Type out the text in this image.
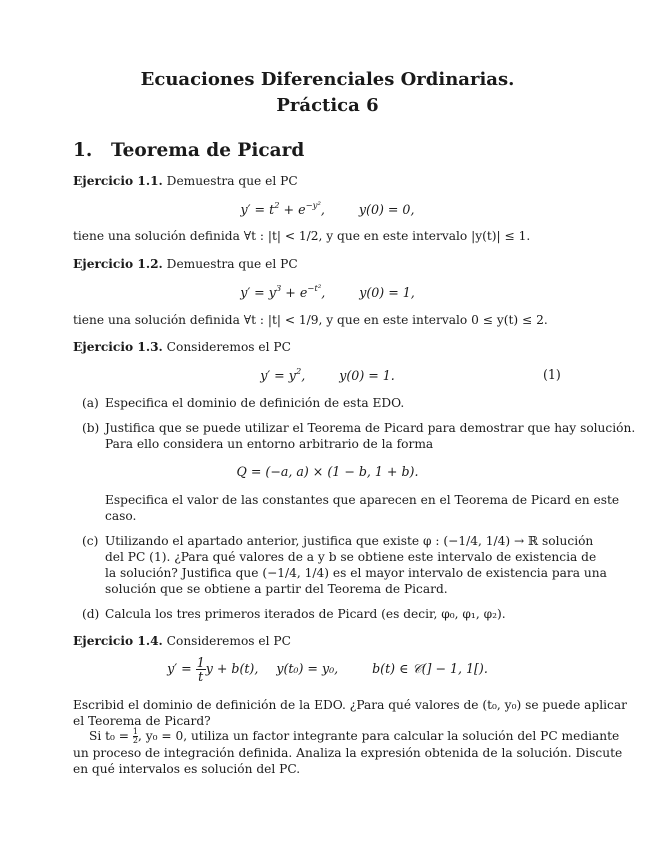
Ecuaciones Diferenciales Ordinarias.
Práctica 6
1. Teorema de Picard
Ejercicio 1.1. Demuestra que el PC
$y' = t^2 + e^{-y^2}$,	y(0) = 0,
tiene una solución definida ∀t : |t| < 1/2, y que en este intervalo |y(t)| ≤ 1.
Ejercicio 1.2. Demuestra que el PC
$y' = y^3 + e^{-t^2}$,	y(0) = 1,
tiene una solución definida ∀t : |t| < 1/9, y que en este intervalo 0 ≤ y(t) ≤ 2.
Ejercicio 1.3. Consideremos el PC
$y' = y^2$,	y(0) = 1.	(1)
(a) Especifica el dominio de definición de esta EDO.
(b) Justifica que se puede utilizar el Teorema de Picard para demostrar que hay solución.
Para ello considera un entorno arbitrario de la forma
Q = (−a, a) × (1 − b, 1 + b).
Especifica el valor de las constantes que aparecen en el Teorema de Picard en este
caso.
(c) Utilizando el apartado anterior, justifica que existe φ : (−1/4, 1/4) → ℝ solución
del PC (1). ¿Para qué valores de a y b se obtiene este intervalo de existencia de
la solución? Justifica que (−1/4, 1/4) es el mayor intervalo de existencia para una
solución que se obtiene a partir del Teorema de Picard.
(d) Calcula los tres primeros iterados de Picard (es decir, φ₀, φ₁, φ₂).
Ejercicio 1.4. Consideremos el PC
$y' = \frac{1}{t}$ y + b(t), y(t₀) = y₀,	b(t) ∈ 𝒞(] − 1, 1[).
Escribid el dominio de definición de la EDO. ¿Para qué valores de (t₀, y₀) se puede aplicar
el Teorema de Picard?
Si $t_0 = \frac{1}{2}$ , y₀ = 0, utiliza un factor integrante para calcular la solución del PC mediante
un proceso de integración definida. Analiza la expresión obtenida de la solución. Discute
en qué intervalos es solución del PC.
